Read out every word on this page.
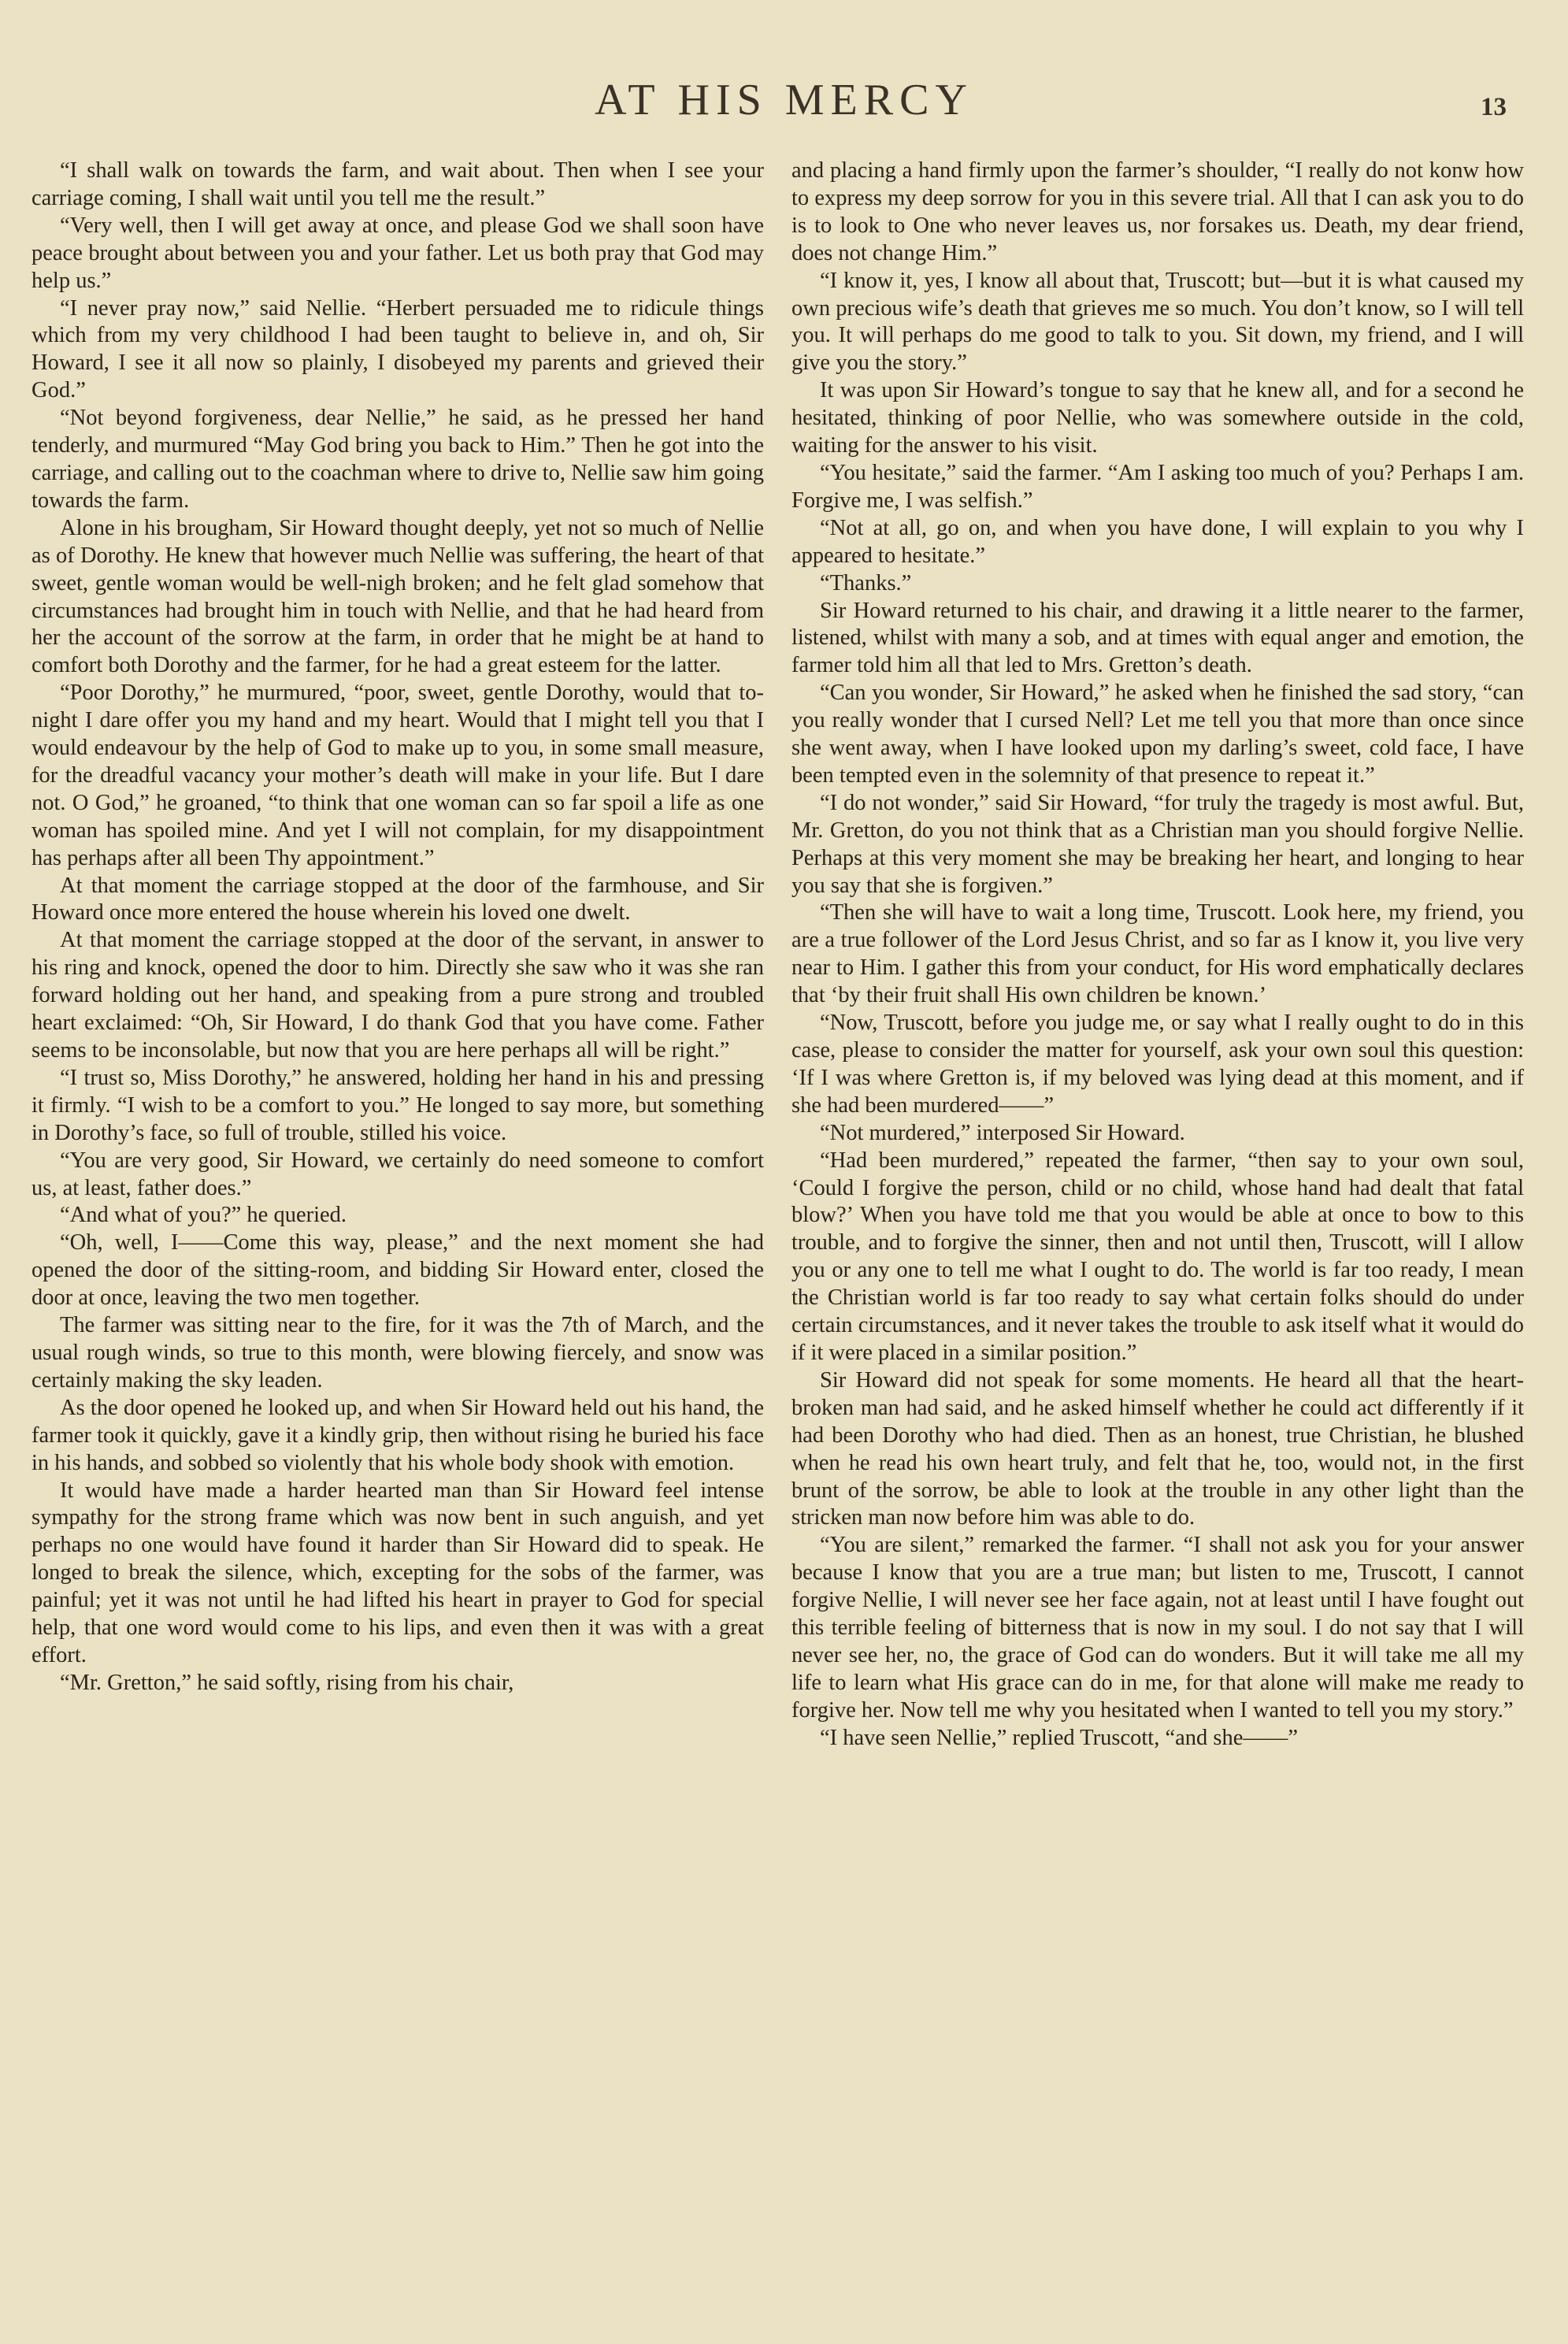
AT HIS MERCY	13

“I shall walk on towards the farm, and wait about. Then when I see your carriage coming, I shall wait until you tell me the result.”

“Very well, then I will get away at once, and please God we shall soon have peace brought about between you and your father. Let us both pray that God may help us.”

“I never pray now,” said Nellie. “Herbert persuaded me to ridicule things which from my very childhood I had been taught to believe in, and oh, Sir Howard, I see it all now so plainly, I disobeyed my parents and grieved their God.”

“Not beyond forgiveness, dear Nellie,” he said, as he pressed her hand tenderly, and murmured “May God bring you back to Him.” Then he got into the carriage, and calling out to the coachman where to drive to, Nellie saw him going towards the farm.

Alone in his brougham, Sir Howard thought deeply, yet not so much of Nellie as of Dorothy. He knew that however much Nellie was suffering, the heart of that sweet, gentle woman would be well-nigh broken; and he felt glad somehow that circumstances had brought him in touch with Nellie, and that he had heard from her the account of the sorrow at the farm, in order that he might be at hand to comfort both Dorothy and the farmer, for he had a great esteem for the latter.

“Poor Dorothy,” he murmured, “poor, sweet, gentle Dorothy, would that to-night I dare offer you my hand and my heart. Would that I might tell you that I would endeavour by the help of God to make up to you, in some small measure, for the dreadful vacancy your mother’s death will make in your life. But I dare not. O God,” he groaned, “to think that one woman can so far spoil a life as one woman has spoiled mine. And yet I will not complain, for my disappointment has perhaps after all been Thy appointment.”

At that moment the carriage stopped at the door of the farmhouse, and Sir Howard once more entered the house wherein his loved one dwelt.

At that moment the carriage stopped at the door of the servant, in answer to his ring and knock, opened the door to him. Directly she saw who it was she ran forward holding out her hand, and speaking from a pure strong and troubled heart exclaimed: “Oh, Sir Howard, I do thank God that you have come. Father seems to be inconsolable, but now that you are here perhaps all will be right.”

“I trust so, Miss Dorothy,” he answered, holding her hand in his and pressing it firmly. “I wish to be a comfort to you.” He longed to say more, but something in Dorothy’s face, so full of trouble, stilled his voice.

“You are very good, Sir Howard, we certainly do need someone to comfort us, at least, father does.”

“And what of you?” he queried.

“Oh, well, I——Come this way, please,” and the next moment she had opened the door of the sitting-room, and bidding Sir Howard enter, closed the door at once, leaving the two men together.

The farmer was sitting near to the fire, for it was the 7th of March, and the usual rough winds, so true to this month, were blowing fiercely, and snow was certainly making the sky leaden.

As the door opened he looked up, and when Sir Howard held out his hand, the farmer took it quickly, gave it a kindly grip, then without rising he buried his face in his hands, and sobbed so violently that his whole body shook with emotion.

It would have made a harder hearted man than Sir Howard feel intense sympathy for the strong frame which was now bent in such anguish, and yet perhaps no one would have found it harder than Sir Howard did to speak. He longed to break the silence, which, excepting for the sobs of the farmer, was painful; yet it was not until he had lifted his heart in prayer to God for special help, that one word would come to his lips, and even then it was with a great effort.

“Mr. Gretton,” he said softly, rising from his chair,

and placing a hand firmly upon the farmer’s shoulder, “I really do not konw how to express my deep sorrow for you in this severe trial. All that I can ask you to do is to look to One who never leaves us, nor forsakes us. Death, my dear friend, does not change Him.”

“I know it, yes, I know all about that, Truscott; but—but it is what caused my own precious wife’s death that grieves me so much. You don’t know, so I will tell you. It will perhaps do me good to talk to you. Sit down, my friend, and I will give you the story.”

It was upon Sir Howard’s tongue to say that he knew all, and for a second he hesitated, thinking of poor Nellie, who was somewhere outside in the cold, waiting for the answer to his visit.

“You hesitate,” said the farmer. “Am I asking too much of you? Perhaps I am. Forgive me, I was selfish.”

“Not at all, go on, and when you have done, I will explain to you why I appeared to hesitate.”

“Thanks.”

Sir Howard returned to his chair, and drawing it a little nearer to the farmer, listened, whilst with many a sob, and at times with equal anger and emotion, the farmer told him all that led to Mrs. Gretton’s death.

“Can you wonder, Sir Howard,” he asked when he finished the sad story, “can you really wonder that I cursed Nell? Let me tell you that more than once since she went away, when I have looked upon my darling’s sweet, cold face, I have been tempted even in the solemnity of that presence to repeat it.”

“I do not wonder,” said Sir Howard, “for truly the tragedy is most awful. But, Mr. Gretton, do you not think that as a Christian man you should forgive Nellie. Perhaps at this very moment she may be breaking her heart, and longing to hear you say that she is forgiven.”

“Then she will have to wait a long time, Truscott. Look here, my friend, you are a true follower of the Lord Jesus Christ, and so far as I know it, you live very near to Him. I gather this from your conduct, for His word emphatically declares that ‘by their fruit shall His own children be known.’

“Now, Truscott, before you judge me, or say what I really ought to do in this case, please to consider the matter for yourself, ask your own soul this question: ‘If I was where Gretton is, if my beloved was lying dead at this moment, and if she had been murdered——”

“Not murdered,” interposed Sir Howard.

“Had been murdered,” repeated the farmer, “then say to your own soul, ‘Could I forgive the person, child or no child, whose hand had dealt that fatal blow?’ When you have told me that you would be able at once to bow to this trouble, and to forgive the sinner, then and not until then, Truscott, will I allow you or any one to tell me what I ought to do. The world is far too ready, I mean the Christian world is far too ready to say what certain folks should do under certain circumstances, and it never takes the trouble to ask itself what it would do if it were placed in a similar position.”

Sir Howard did not speak for some moments. He heard all that the heart-broken man had said, and he asked himself whether he could act differently if it had been Dorothy who had died. Then as an honest, true Christian, he blushed when he read his own heart truly, and felt that he, too, would not, in the first brunt of the sorrow, be able to look at the trouble in any other light than the stricken man now before him was able to do.

“You are silent,” remarked the farmer. “I shall not ask you for your answer because I know that you are a true man; but listen to me, Truscott, I cannot forgive Nellie, I will never see her face again, not at least until I have fought out this terrible feeling of bitterness that is now in my soul. I do not say that I will never see her, no, the grace of God can do wonders. But it will take me all my life to learn what His grace can do in me, for that alone will make me ready to forgive her. Now tell me why you hesitated when I wanted to tell you my story.”

“I have seen Nellie,” replied Truscott, “and she——”
